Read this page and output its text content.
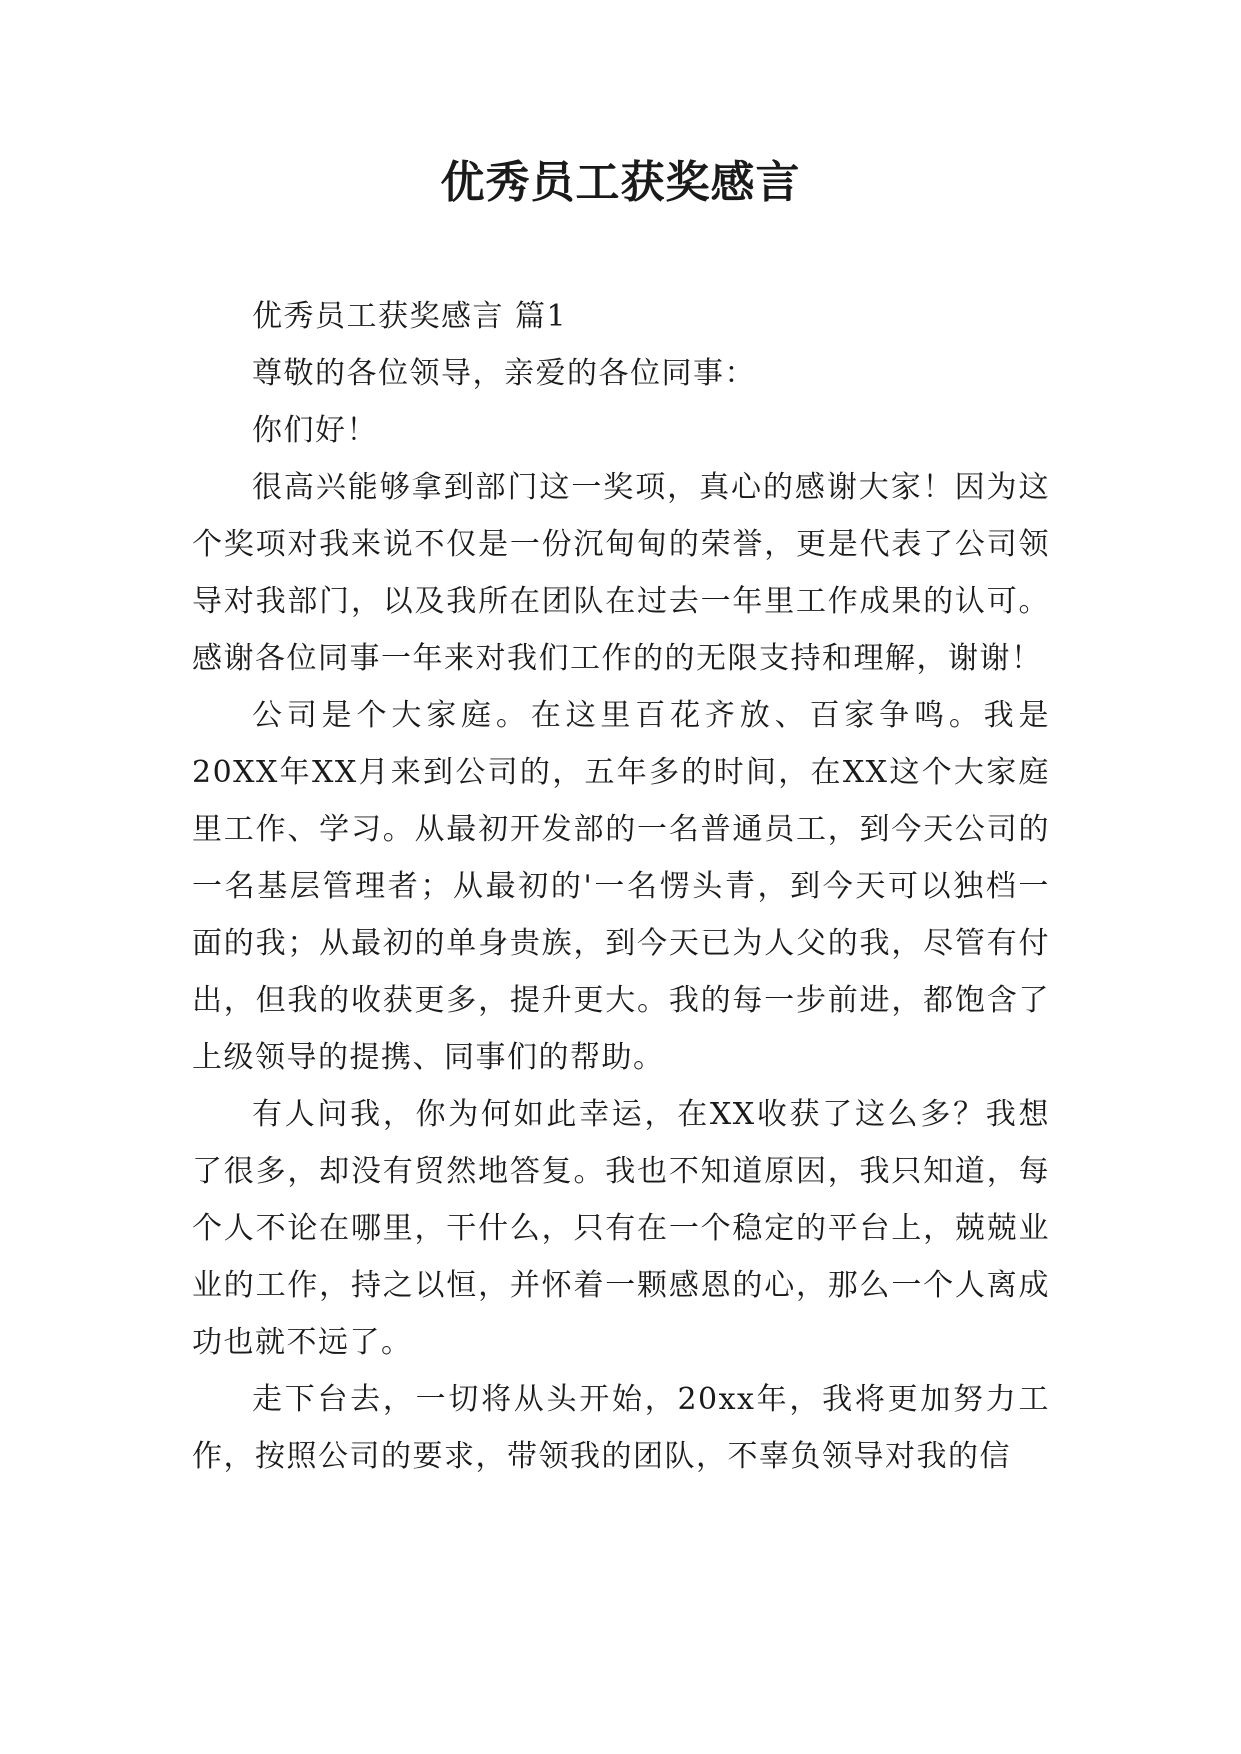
优秀员工获奖感言

优秀员工获奖感言 篇1

尊敬的各位领导，亲爱的各位同事：

你们好！

很高兴能够拿到部门这一奖项，真心的感谢大家！因为这个奖项对我来说不仅是一份沉甸甸的荣誉，更是代表了公司领导对我部门，以及我所在团队在过去一年里工作成果的认可。感谢各位同事一年来对我们工作的的无限支持和理解，谢谢！

公司是个大家庭。在这里百花齐放、百家争鸣。我是20XX年XX月来到公司的，五年多的时间，在XX这个大家庭里工作、学习。从最初开发部的一名普通员工，到今天公司的一名基层管理者；从最初的'一名愣头青，到今天可以独档一面的我；从最初的单身贵族，到今天已为人父的我，尽管有付出，但我的收获更多，提升更大。我的每一步前进，都饱含了上级领导的提携、同事们的帮助。

有人问我，你为何如此幸运，在XX收获了这么多？我想了很多，却没有贸然地答复。我也不知道原因，我只知道，每个人不论在哪里，干什么，只有在一个稳定的平台上，兢兢业业的工作，持之以恒，并怀着一颗感恩的心，那么一个人离成功也就不远了。

走下台去，一切将从头开始，20xx年，我将更加努力工作，按照公司的要求，带领我的团队，不辜负领导对我的信
